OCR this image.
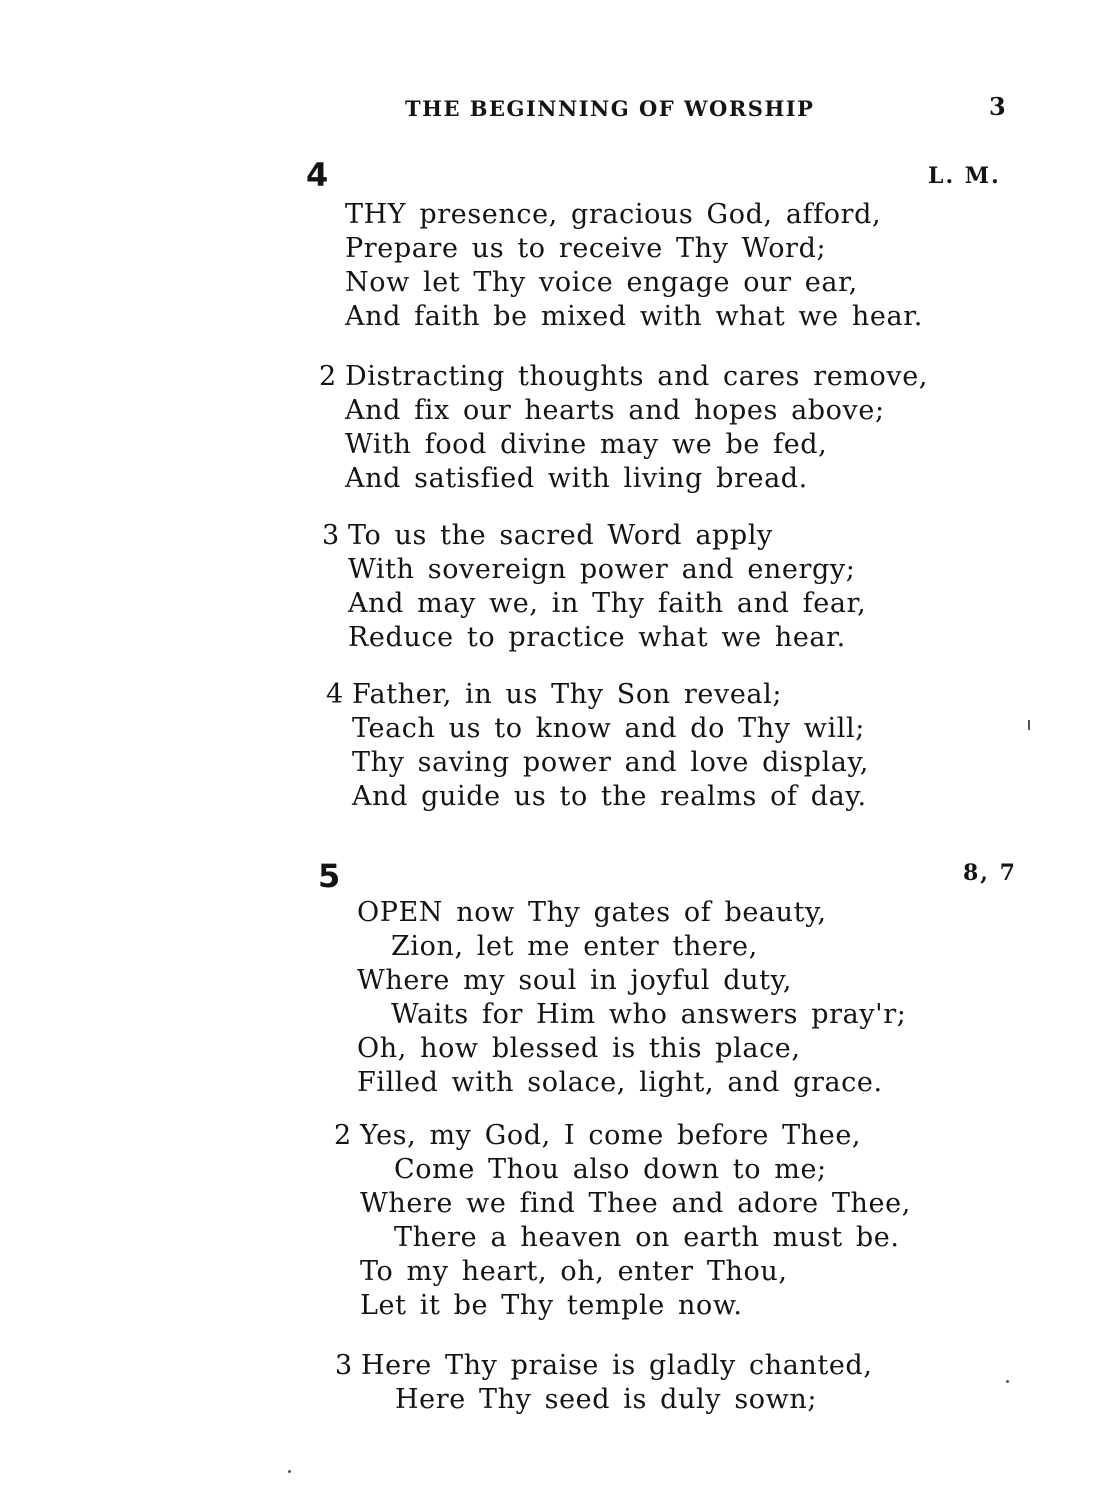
THE BEGINNING OF WORSHIP	3
4	L. M.
THY presence, gracious God, afford,
Prepare us to receive Thy Word;
Now let Thy voice engage our ear,
And faith be mixed with what we hear.
2 Distracting thoughts and cares remove,
And fix our hearts and hopes above;
With food divine may we be fed,
And satisfied with living bread.
3 To us the sacred Word apply
With sovereign power and energy;
And may we, in Thy faith and fear,
Reduce to practice what we hear.
4 Father, in us Thy Son reveal;
Teach us to know and do Thy will;
Thy saving power and love display,
And guide us to the realms of day.
5	8, 7
OPEN now Thy gates of beauty,
Zion, let me enter there,
Where my soul in joyful duty,
Waits for Him who answers pray'r;
Oh, how blessed is this place,
Filled with solace, light, and grace.
2 Yes, my God, I come before Thee,
Come Thou also down to me;
Where we find Thee and adore Thee,
There a heaven on earth must be.
To my heart, oh, enter Thou,
Let it be Thy temple now.
3 Here Thy praise is gladly chanted,
Here Thy seed is duly sown;
